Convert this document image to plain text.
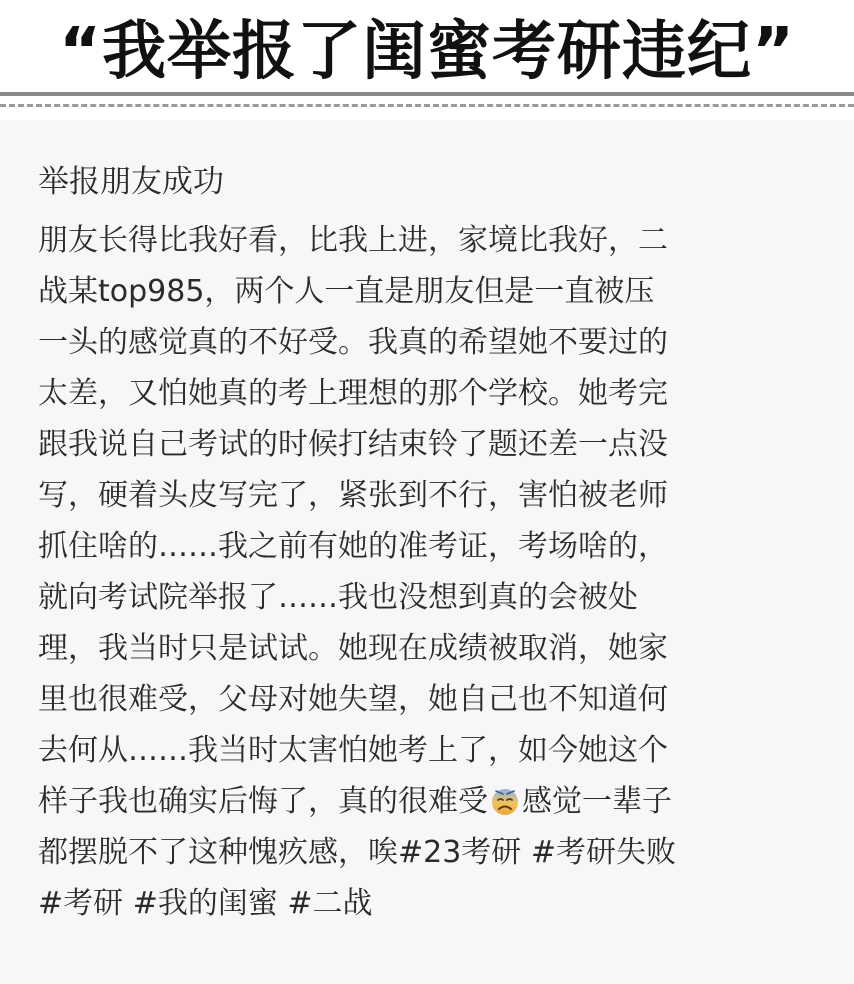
“我举报了闺蜜考研违纪”
举报朋友成功
朋友长得比我好看，比我上进，家境比我好，二
战某top985，两个人一直是朋友但是一直被压
一头的感觉真的不好受。我真的希望她不要过的
太差，又怕她真的考上理想的那个学校。她考完
跟我说自己考试的时候打结束铃了题还差一点没
写，硬着头皮写完了，紧张到不行，害怕被老师
抓住啥的……我之前有她的准考证，考场啥的，
就向考试院举报了……我也没想到真的会被处
理，我当时只是试试。她现在成绩被取消，她家
里也很难受，父母对她失望，她自己也不知道何
去何从……我当时太害怕她考上了，如今她这个
样子我也确实后悔了，真的很难受 感觉一辈子
都摆脱不了这种愧疚感，唉#23考研 #考研失败
#考研 #我的闺蜜 #二战
